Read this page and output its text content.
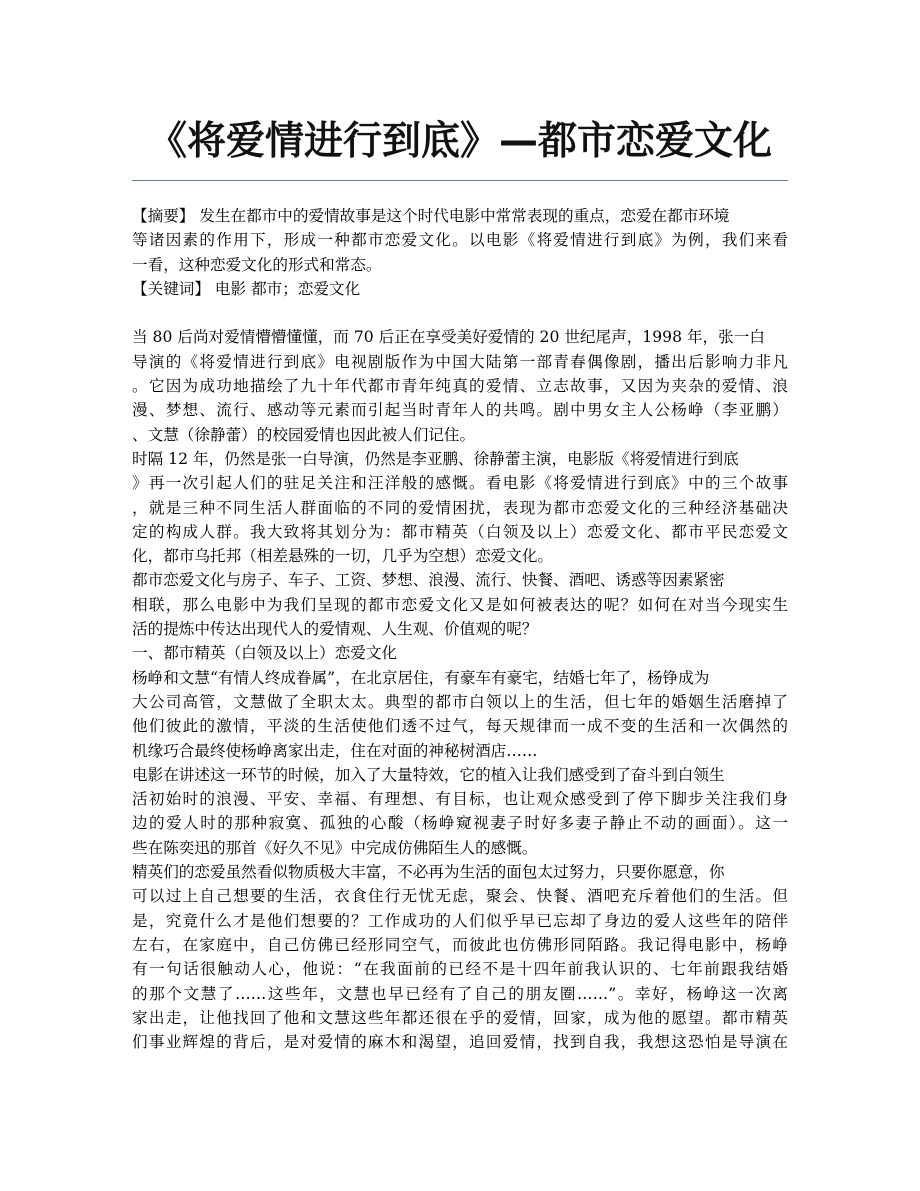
《将爱情进行到底》—都市恋爱文化
【摘要】 发生在都市中的爱情故事是这个时代电影中常常表现的重点，恋爱在都市环境
等诸因素的作用下，形成一种都市恋爱文化。以电影《将爱情进行到底》为例，我们来看
一看，这种恋爱文化的形式和常态。
【关键词】 电影 都市；恋爱文化
当 80 后尚对爱情懵懵懂懂，而 70 后正在享受美好爱情的 20 世纪尾声，1998 年，张一白
导演的《将爱情进行到底》电视剧版作为中国大陆第一部青春偶像剧，播出后影响力非凡
。它因为成功地描绘了九十年代都市青年纯真的爱情、立志故事，又因为夹杂的爱情、浪
漫、梦想、流行、感动等元素而引起当时青年人的共鸣。剧中男女主人公杨峥（李亚鹏）
、文慧（徐静蕾）的校园爱情也因此被人们记住。
时隔 12 年，仍然是张一白导演，仍然是李亚鹏、徐静蕾主演，电影版《将爱情进行到底
》再一次引起人们的驻足关注和汪洋般的感慨。看电影《将爱情进行到底》中的三个故事
，就是三种不同生活人群面临的不同的爱情困扰，表现为都市恋爱文化的三种经济基础决
定的构成人群。我大致将其划分为：都市精英（白领及以上）恋爱文化、都市平民恋爱文
化，都市乌托邦（相差悬殊的一切，几乎为空想）恋爱文化。
都市恋爱文化与房子、车子、工资、梦想、浪漫、流行、快餐、酒吧、诱惑等因素紧密
相联，那么电影中为我们呈现的都市恋爱文化又是如何被表达的呢？如何在对当今现实生
活的提炼中传达出现代人的爱情观、人生观、价值观的呢？
一、都市精英（白领及以上）恋爱文化
杨峥和文慧“有情人终成眷属”，在北京居住，有豪车有豪宅，结婚七年了，杨铮成为
大公司高管，文慧做了全职太太。典型的都市白领以上的生活，但七年的婚姻生活磨掉了
他们彼此的激情，平淡的生活使他们透不过气，每天规律而一成不变的生活和一次偶然的
机缘巧合最终使杨峥离家出走，住在对面的神秘树酒店……
电影在讲述这一环节的时候，加入了大量特效，它的植入让我们感受到了奋斗到白领生
活初始时的浪漫、平安、幸福、有理想、有目标，也让观众感受到了停下脚步关注我们身
边的爱人时的那种寂寞、孤独的心酸（杨峥窥视妻子时好多妻子静止不动的画面）。这一
些在陈奕迅的那首《好久不见》中完成仿佛陌生人的感慨。
精英们的恋爱虽然看似物质极大丰富，不必再为生活的面包太过努力，只要你愿意，你
可以过上自己想要的生活，衣食住行无忧无虑，聚会、快餐、酒吧充斥着他们的生活。但
是，究竟什么才是他们想要的？工作成功的人们似乎早已忘却了身边的爱人这些年的陪伴
左右，在家庭中，自己仿佛已经形同空气，而彼此也仿佛形同陌路。我记得电影中，杨峥
有一句话很触动人心，他说：“在我面前的已经不是十四年前我认识的、七年前跟我结婚
的那个文慧了……这些年，文慧也早已经有了自己的朋友圈……”。幸好，杨峥这一次离
家出走，让他找回了他和文慧这些年都还很在乎的爱情，回家，成为他的愿望。都市精英
们事业辉煌的背后，是对爱情的麻木和渴望，追回爱情，找到自我，我想这恐怕是导演在
